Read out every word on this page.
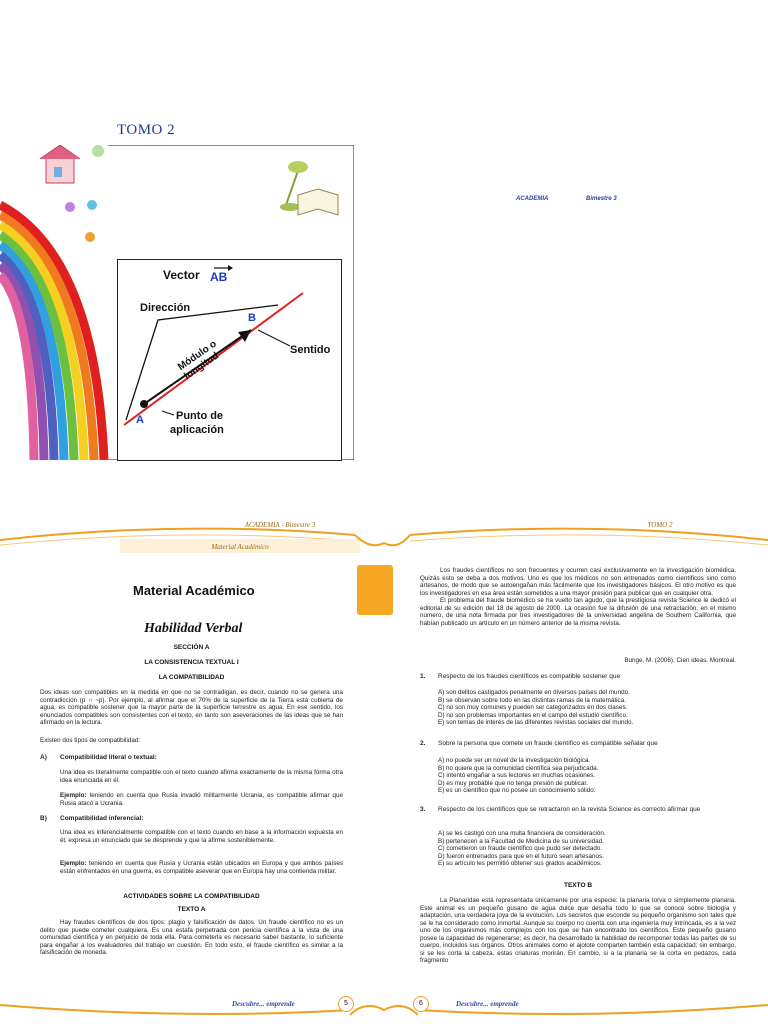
TOMO 2
ACADEMIA	Bimestre 3
Vector AB
Dirección
B
Sentido
Módulo o longitud
A	Punto de
aplicación
ACADEMIA - Bimestre 3
Material Académico
TOMO 2
Material Académico
Habilidad Verbal
SECCIÓN A
LA CONSISTENCIA TEXTUAL I
LA COMPATIBILIDAD

Dos ideas son compatibles en la medida en que no se contradigan, es decir, cuando no se genera una contradicción (p ∩ ~p). Por ejemplo, al afirmar que el 70% de la superficie de la Tierra está cubierta de agua, es compatible sostener que la mayor parte de la superficie terrestre es agua. En ese sentido, los enunciados compatibles son consistentes con el texto, en tanto son aseveraciones de las ideas que se han afirmado en la lectura.

Existen dos tipos de compatibilidad:
A) Compatibilidad literal o textual:

Una idea es literalmente compatible con el texto cuando afirma exactamente de la misma forma otra idea enunciada en él.

Ejemplo: teniendo en cuenta que Rusia invadió militarmente Ucrania, es compatible afirmar que Rusia atacó a Ucrania.

B) Compatibilidad inferencial:

Una idea es inferencialmente compatible con el texto cuando en base a la información expuesta en él, expresa un enunciado que se desprende y que la afirme sosteniblemente.

Ejemplo: teniendo en cuenta que Rusia y Ucrania están ubicados en Europa y que ambos países están enfrentados en una guerra, es compatible aseverar que en Europa hay una contienda militar.

ACTIVIDADES SOBRE LA COMPATIBILIDAD
TEXTO A

Hay fraudes científicos de dos tipos: plagio y falsificación de datos. Un fraude científico no es un delito que puede cometer cualquiera. Es una estafa perpetrada con pericia científica a la vista de una comunidad científica y en perjuicio de toda ella. Para cometerla es necesario saber bastante, lo suficiente para engañar a los evaluadores del trabajo en cuestión. En todo esto, el fraude científico es similar a la falsificación de moneda.

Descubre... emprende	5

Los fraudes científicos no son frecuentes y ocurren casi exclusivamente en la investigación biomédica. Quizás esto se deba a dos motivos. Uno es que los médicos no son entrenados como científicos sino como artesanos, de modo que se autoengañan más fácilmente que los investigadores básicos. El otro motivo es que los investigadores en esa área están sometidos a una mayor presión para publicar que en cualquier otra.

El problema del fraude biomédico se ha vuelto tan agudo, que la prestigiosa revista Science le dedicó el editorial de su edición del 18 de agosto de 2000. La ocasión fue la difusión de una retractación, en el mismo número, de una nota firmada por tres investigadores de la universidad angelina de Southern California, que habían publicado un artículo en un número anterior de la misma revista.

Bunge, M. (2006). Cien ideas. Montreal.
1. Respecto de los fraudes científicos es compatible sostener que
A) son delitos castigados penalmente en diversos países del mundo.
B) se observan sobre todo en las distintas ramas de la matemática.
C) no son muy comunes y pueden ser categorizados en dos clases.
D) no son problemas importantes en el campo del estudio científico.
E) son temas de interés de las diferentes revistas sociales del mundo.
2. Sobre la persona que comete un fraude científico es compatible señalar que
A) no puede ser un novel de la investigación biológica.
B) no quiere que la comunidad científica sea perjudicada.
C) intentó engañar a sus lectores en muchas ocasiones.
D) es muy probable que no tenga presión de publicar.
E) es un científico que no posee un conocimiento sólido.
3. Respecto de los científicos que se retractaron en la revista Science es correcto afirmar que
A) se les castigó con una multa financiera de consideración.
B) pertenecen a la Facultad de Medicina de su universidad.
C) cometieron un fraude científico que pudo ser detectado.
D) fueron entrenados para que en el futuro sean artesanos.
E) su artículo les permitió obtener sus grados académicos.
TEXTO B

La Planaridae está representada únicamente por una especie: la planaria torva o simplemente planaria. Este animal es un pequeño gusano de agua dulce que desafía todo lo que se conoce sobre biología y adaptación, una verdadera joya de la evolución. Los secretos que esconde su pequeño organismo son tales que se le ha considerado como inmortal. Aunque su cuerpo no cuenta con una ingeniería muy intrincada, es a la vez uno de los organismos más complejos con los que se han encontrado los científicos. Este pequeño gusano posee la capacidad de regenerarse; es decir, ha desarrollado la habilidad de recomponer todas las partes de su cuerpo, incluidos sus órganos. Otros animales como el ajolote comparten también esta capacidad; sin embargo, si se les corta la cabeza, estas criaturas morirán. En cambio, si a la planaria se la corta en pedazos, cada fragmento

6	Descubre... emprende
